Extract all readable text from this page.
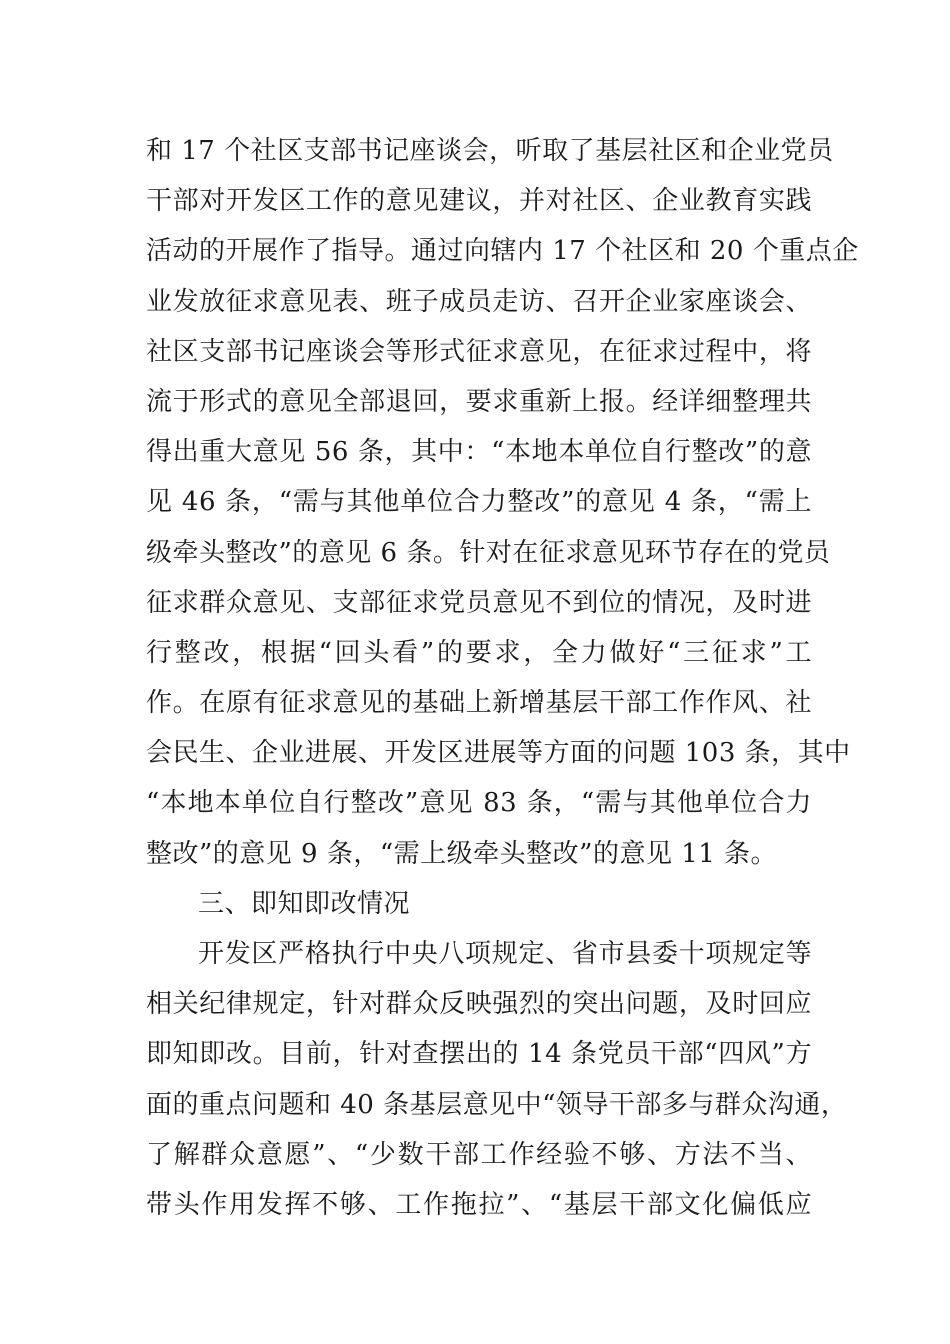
和 17 个社区支部书记座谈会，听取了基层社区和企业党员
干部对开发区工作的意见建议，并对社区、企业教育实践
活动的开展作了指导。通过向辖内 17 个社区和 20 个重点企
业发放征求意见表、班子成员走访、召开企业家座谈会、
社区支部书记座谈会等形式征求意见，在征求过程中，将
流于形式的意见全部退回，要求重新上报。经详细整理共
得出重大意见 56 条，其中：“本地本单位自行整改”的意
见 46 条，“需与其他单位合力整改”的意见 4 条，“需上
级牵头整改”的意见 6 条。针对在征求意见环节存在的党员
征求群众意见、支部征求党员意见不到位的情况，及时进
行整改，根据“回头看”的要求，全力做好“三征求”工
作。在原有征求意见的基础上新增基层干部工作作风、社
会民生、企业进展、开发区进展等方面的问题 103 条，其中
“本地本单位自行整改”意见 83 条，“需与其他单位合力
整改”的意见 9 条，“需上级牵头整改”的意见 11 条。
三、即知即改情况
开发区严格执行中央八项规定、省市县委十项规定等
相关纪律规定，针对群众反映强烈的突出问题，及时回应
即知即改。目前，针对查摆出的 14 条党员干部“四风”方
面的重点问题和 40 条基层意见中“领导干部多与群众沟通，
了解群众意愿”、“少数干部工作经验不够、方法不当、
带头作用发挥不够、工作拖拉”、“基层干部文化偏低应
